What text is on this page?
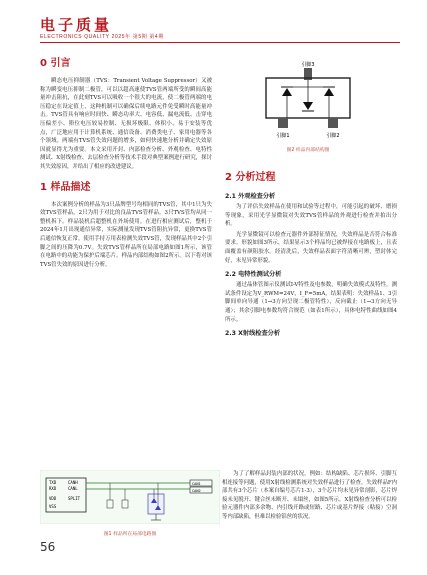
电子质量
ELECTRONICS QUALITY 2025年 第5期 第4期
0 引言

瞬态电压抑制器（TVS：Transient Voltage Suppressor）又被称为瞬变电压抑制二极管，可以以超高速使TVS管两端所受的瞬间高能量冲击阻抗，在此刻TVS可以吸收一个很大的电流，使二极管两端的电压稳定在设定值上，这种机制可以确保后续电路元件免受瞬时高能量冲击。TVS管具有响应时间快、瞬态功率大、电容低、漏电流低、击穿电压偏差小、箝位电压较易控制、无损坏极限、体积小、易于安装等优点，广泛地应用于计算机系统、通信设备、消费类电子、家用电器等各个领域。两端有TVS管失效问题的增多，如何快速地分析并确定失效原因就显得尤为重要。本文采用开封、内部检查分析、外观检查、电特性测试、X射线检查、去层检查分析等技术手段对典型案例进行研究，探讨其失效原因，并给出了相应的改进建议。

1 样品描述

本次案例分析的样品为3只品牌型号均相同的TVS管，其中1只为失效TVS管样品，2只为用于对比的良品TVS管样品。3只TVS管均从同一整机拆下。样品装机后超整机在外场使用。在进行相应测试后，整机于2024年1月出现通信异常，实际测量发现TVS管阻抗异常，更换TVS管后通信恢复正常。使用手持万用表检测失效TVS管，发现样品其中2个引脚之间的压降为0.7V。失效TVS管样品所在局部电路如图1所示，该管在电路中的功能为保护后端芯片。样品内部结构如图2所示。以下将对该TVS管失效的原因进行分析。

引脚3
引脚1	引脚2
图2 样品内部结构图
2 分析过程
2.1 外观检查分析

为了评估失效样品在使用和试验等过程中，可能引起的破坏、磨损等现象，采用光学显微镜对失效TVS管样品的外观进行检查并拍出分析。

光学显微镜可以检查元器件外部特征情况，失效样品是否符合标准要求。形貌如图3所示，结果显示3个样品均已被焊接在电路板上，且表面覆盖有颜阻胶水。经清洗后，失效样品表面字符清晰可辨，塑封体完好，未见异常形貌。

2.2 电特性测试分析

通过晶体管图示仪测试I-V特性及电参数，明确失效模式及特性。测试条件设定为V_RWM=24V，I_F=5mA，结果表明：失效样品1、3引脚间单向导通（1→3方向呈现二极管特性），反向截止（1→3方向无导通）；其余引脚电参数均符合规范（如表1所示），具体电特性曲线如图4所示。

2.3 X射线检查分析
TXD
RXD
CANH
CANL
VDD
VSS
SPLIT
CAN1
CAN2
图1 样品所在局部电路图

为了了解样品封装内部的状况，例如：结构缺陷、芯片损坏、引脚互相连接等问题，使用X射线检测系统对失效样品进行了检查。失效样品F内部共有3个芯片（本案自编号芯片1-3），3个芯片均未见异常剖影，芯片焊接未见脱开、键合丝未断开、未塌丝，如图5所示。X射线检查分析可以检验元器件内部多余物、内引线开路或短路、芯片或基片焊接（粘接）空洞等内部缺陷，但难以检验铝丝的状况。

56
